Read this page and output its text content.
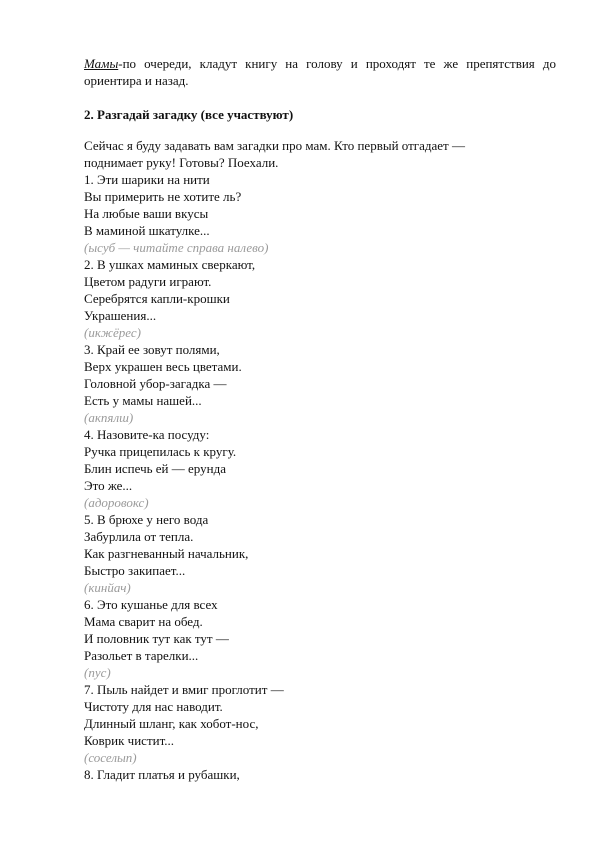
Мамы-по очереди, кладут книгу на голову и проходят те же препятствия до ориентира и назад.

2. Разгадай загадку (все участвуют)

Сейчас я буду задавать вам загадки про мам. Кто первый отгадает —

поднимает руку! Готовы? Поехали.

1. Эти шарики на нити

Вы примерить не хотите ль?

На любые ваши вкусы

В маминой шкатулке...

(ысуб — читайте справа налево)

2. В ушках маминых сверкают,

Цветом радуги играют.

Серебрятся капли-крошки

Украшения...

(икжёрес)

3. Край ее зовут полями,

Верх украшен весь цветами.

Головной убор-загадка —

Есть у мамы нашей...

(акпялш)

4. Назовите-ка посуду:

Ручка прицепилась к кругу.

Блин испечь ей — ерунда

Это же...

(адоровокс)

5. В брюхе у него вода

Забурлила от тепла.

Как разгневанный начальник,

Быстро закипает...

(кинйач)

6. Это кушанье для всех

Мама сварит на обед.

И половник тут как тут —

Разольет в тарелки...

(пус)

7. Пыль найдет и вмиг проглотит —

Чистоту для нас наводит.

Длинный шланг, как хобот-нос,

Коврик чистит...

(соселып)

8. Гладит платья и рубашки,
